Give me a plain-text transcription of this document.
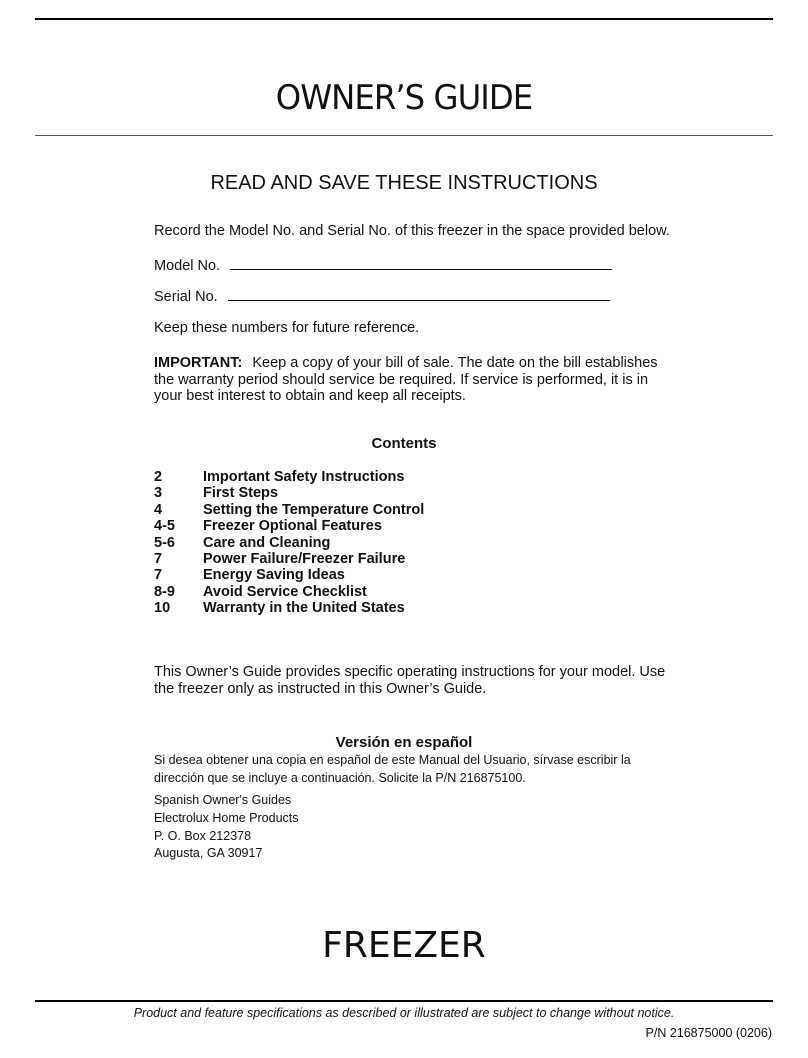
OWNER’S GUIDE
READ AND SAVE THESE INSTRUCTIONS
Record the Model No. and Serial No. of this freezer in the space provided below.
Model No.
Serial No.
Keep these numbers for future reference.
IMPORTANT: Keep a copy of your bill of sale. The date on the bill establishes the warranty period should service be required. If service is performed, it is in your best interest to obtain and keep all receipts.
Contents
2	Important Safety Instructions
3	First Steps
4	Setting the Temperature Control
4-5	Freezer Optional Features
5-6	Care and Cleaning
7	Power Failure/Freezer Failure
7	Energy Saving Ideas
8-9	Avoid Service Checklist
10	Warranty in the United States
This Owner’s Guide provides specific operating instructions for your model. Use the freezer only as instructed in this Owner’s Guide.
Versión en español
Si desea obtener una copia en español de este Manual del Usuario, sírvase escribir la dirección que se incluye a continuación. Solicite la P/N 216875100.
Spanish Owner's Guides
Electrolux Home Products
P. O. Box 212378
Augusta, GA 30917
FREEZER
Product and feature specifications as described or illustrated are subject to change without notice.
P/N 216875000 (0206)
